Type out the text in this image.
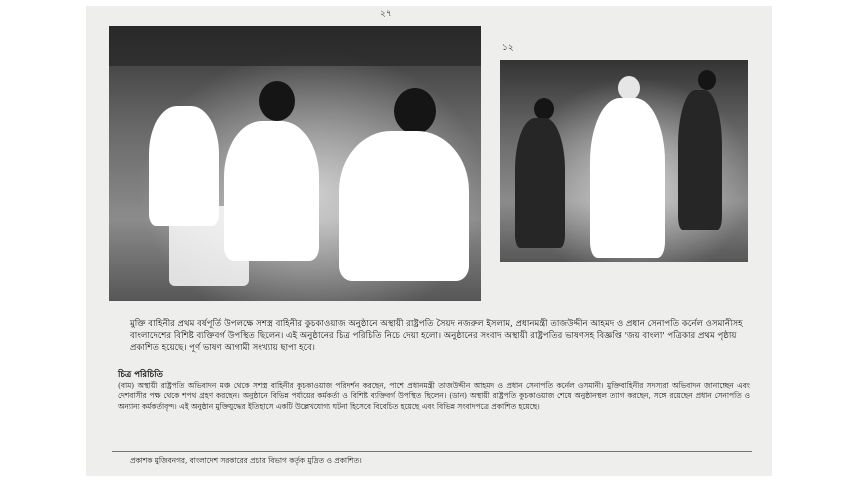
২৭
১২

মুক্তি বাহিনীর প্রথম বর্ষপূর্তি উপলক্ষে সশস্ত্র বাহিনীর কুচকাওয়াজ অনুষ্ঠানে অস্থায়ী রাষ্ট্রপতি সৈয়দ নজরুল ইসলাম, প্রধানমন্ত্রী তাজউদ্দীন আহমদ ও প্রধান সেনাপতি কর্নেল ওসমানীসহ বাংলাদেশের বিশিষ্ট ব্যক্তিবর্গ উপস্থিত ছিলেন। এই অনুষ্ঠানের চিত্র পরিচিতি নিচে দেয়া হলো। অনুষ্ঠানের সংবাদ অস্থায়ী রাষ্ট্রপতির ভাষণসহ বিজ্ঞপ্তি 'জয় বাংলা' পত্রিকার প্রথম পৃষ্ঠায় প্রকাশিত হয়েছে। পূর্ণ ভাষণ আগামী সংখ্যায় ছাপা হবে।

চিত্র পরিচিতি
(বাম) অস্থায়ী রাষ্ট্রপতি অভিবাদন মঞ্চ থেকে সশস্ত্র বাহিনীর কুচকাওয়াজ পরিদর্শন করছেন, পাশে প্রধানমন্ত্রী তাজউদ্দীন আহমদ ও প্রধান সেনাপতি কর্নেল ওসমানী। মুক্তিবাহিনীর সদস্যরা অভিবাদন জানাচ্ছেন এবং দেশবাসীর পক্ষ থেকে শপথ গ্রহণ করছেন। অনুষ্ঠানে বিভিন্ন পর্যায়ের কর্মকর্তা ও বিশিষ্ট ব্যক্তিবর্গ উপস্থিত ছিলেন। (ডান) অস্থায়ী রাষ্ট্রপতি কুচকাওয়াজ শেষে অনুষ্ঠানস্থল ত্যাগ করছেন, সঙ্গে রয়েছেন প্রধান সেনাপতি ও অন্যান্য কর্মকর্তাবৃন্দ। এই অনুষ্ঠান মুক্তিযুদ্ধের ইতিহাসে একটি উল্লেখযোগ্য ঘটনা হিসেবে বিবেচিত হয়েছে এবং বিভিন্ন সংবাদপত্রে প্রকাশিত হয়েছে।
প্রকাশক মুজিবনগর, বাংলাদেশ সরকারের প্রচার বিভাগ কর্তৃক মুদ্রিত ও প্রকাশিত।
